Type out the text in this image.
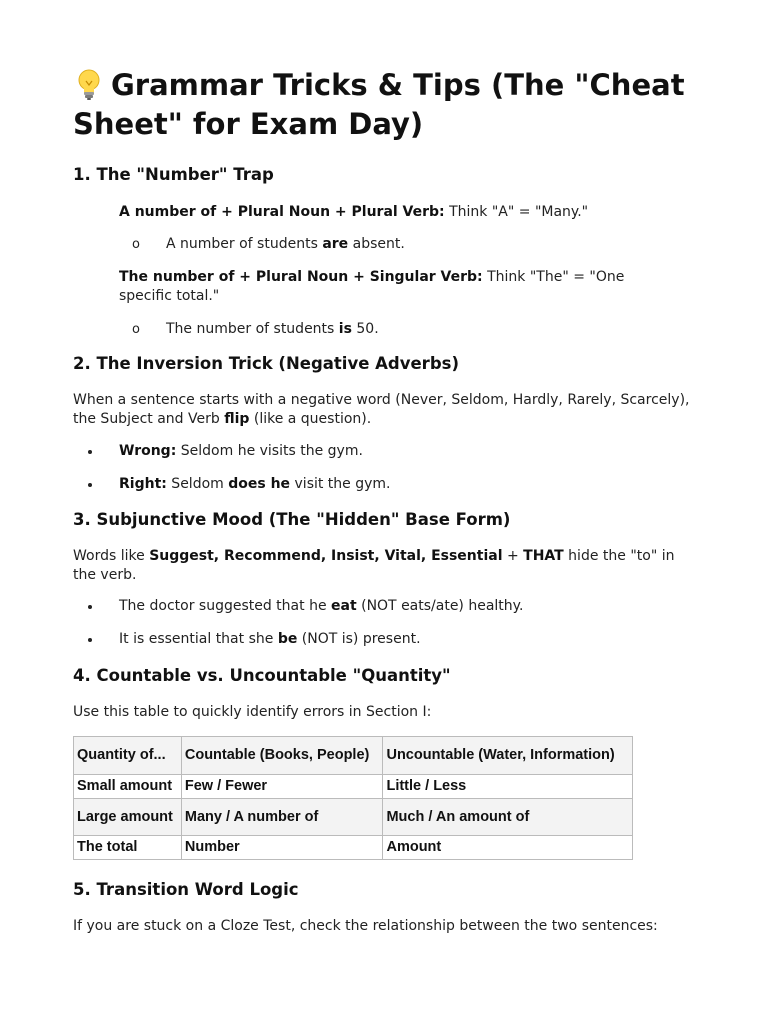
Grammar Tricks & Tips (The "Cheat Sheet" for Exam Day)
1. The "Number" Trap
A number of + Plural Noun + Plural Verb: Think "A" = "Many."
o A number of students are absent.
The number of + Plural Noun + Singular Verb: Think "The" = "One specific total."
o The number of students is 50.
2. The Inversion Trick (Negative Adverbs)
When a sentence starts with a negative word (Never, Seldom, Hardly, Rarely, Scarcely), the Subject and Verb flip (like a question).
Wrong: Seldom he visits the gym.
Right: Seldom does he visit the gym.
3. Subjunctive Mood (The "Hidden" Base Form)
Words like Suggest, Recommend, Insist, Vital, Essential + THAT hide the "to" in the verb.
The doctor suggested that he eat (NOT eats/ate) healthy.
It is essential that she be (NOT is) present.
4. Countable vs. Uncountable "Quantity"
Use this table to quickly identify errors in Section I:
Quantity of...	Countable (Books, People)	Uncountable (Water, Information)
Small amount	Few / Fewer	Little / Less
Large amount	Many / A number of	Much / An amount of
The total	Number	Amount
5. Transition Word Logic
If you are stuck on a Cloze Test, check the relationship between the two sentences:
